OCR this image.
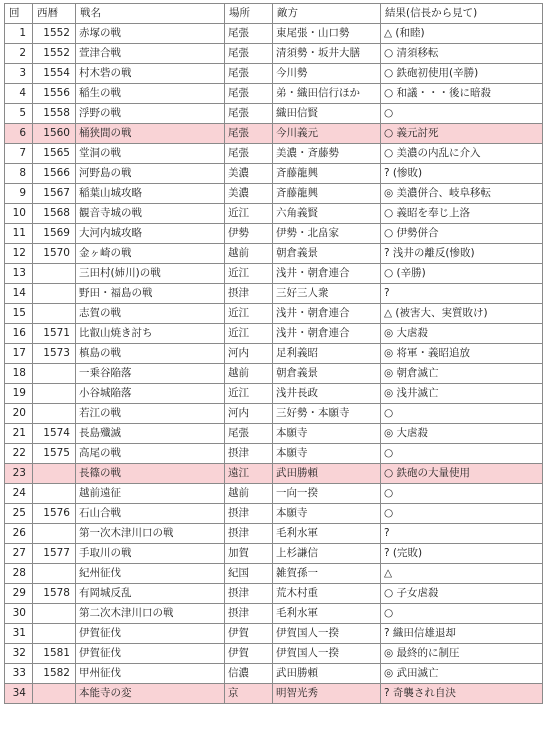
回	西暦	戦名	場所	敵方	結果(信長から見て)
1	1552	赤塚の戦	尾張	東尾張・山口勢	△ (和睦)
2	1552	萱津合戦	尾張	清須勢・坂井大膳	○ 清須移転
3	1554	村木砦の戦	尾張	今川勢	○ 鉄砲初使用(辛勝)
4	1556	稲生の戦	尾張	弟・織田信行ほか	○ 和議・・・後に暗殺
5	1558	浮野の戦	尾張	織田信賢	○
6	1560	桶狭間の戦	尾張	今川義元	○ 義元討死
7	1565	堂洞の戦	尾張	美濃・斉藤勢	○ 美濃の内乱に介入
8	1566	河野島の戦	美濃	斉藤龍興	? (惨敗)
9	1567	稲葉山城攻略	美濃	斉藤龍興	◎ 美濃併合、岐阜移転
10	1568	観音寺城の戦	近江	六角義賢	○ 義昭を奉じ上洛
11	1569	大河内城攻略	伊勢	伊勢・北畠家	○ 伊勢併合
12	1570	金ヶ崎の戦	越前	朝倉義景	? 浅井の離反(惨敗)
13		三田村(姉川)の戦	近江	浅井・朝倉連合	○ (辛勝)
14		野田・福島の戦	摂津	三好三人衆	?
15		志賀の戦	近江	浅井・朝倉連合	△ (被害大、実質敗け)
16	1571	比叡山焼き討ち	近江	浅井・朝倉連合	◎ 大虐殺
17	1573	槙島の戦	河内	足利義昭	◎ 将軍・義昭追放
18		一乗谷陥落	越前	朝倉義景	◎ 朝倉滅亡
19		小谷城陥落	近江	浅井長政	◎ 浅井滅亡
20		若江の戦	河内	三好勢・本願寺	○
21	1574	長島殲滅	尾張	本願寺	◎ 大虐殺
22	1575	高尾の戦	摂津	本願寺	○
23		長篠の戦	遠江	武田勝頼	○ 鉄砲の大量使用
24		越前遠征	越前	一向一揆	○
25	1576	石山合戦	摂津	本願寺	○
26		第一次木津川口の戦	摂津	毛利水軍	?
27	1577	手取川の戦	加賀	上杉謙信	? (完敗)
28		紀州征伐	紀国	雑賀孫一	△
29	1578	有岡城反乱	摂津	荒木村重	○ 子女虐殺
30		第二次木津川口の戦	摂津	毛利水軍	○
31		伊賀征伐	伊賀	伊賀国人一揆	? 織田信雄退却
32	1581	伊賀征伐	伊賀	伊賀国人一揆	◎ 最終的に制圧
33	1582	甲州征伐	信濃	武田勝頼	◎ 武田滅亡
34		本能寺の変	京	明智光秀	? 奇襲され自決
